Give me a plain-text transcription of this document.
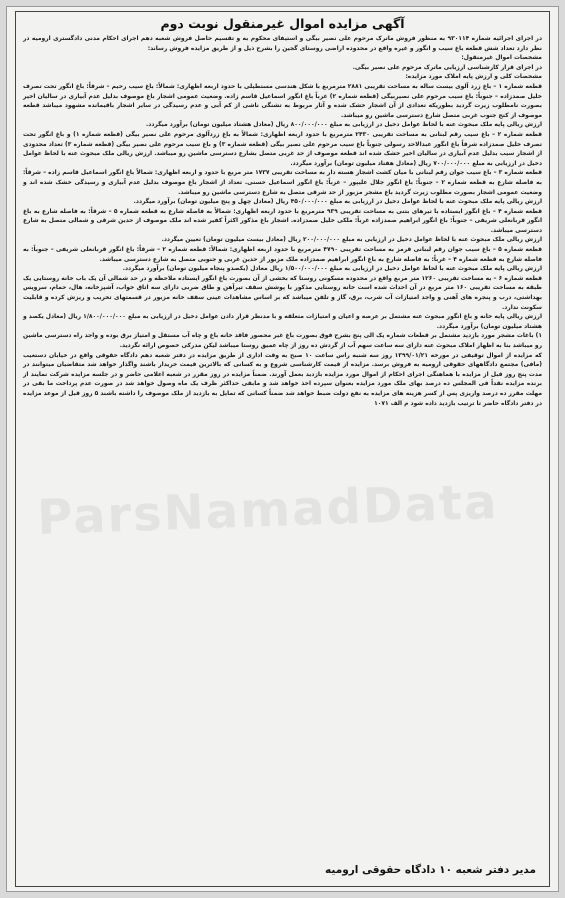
ParsNamadData
آگهی مزایده اموال غیرمنقول نوبت دوم

در اجرای اجرائیه شماره ۹۳۰۱۱۴ به منظور فروش ماترک مرحوم علی نصیر بیگی و استیفای محکوم به و تقسیم حاصل فروش شعبه دهم اجرای احکام مدنی دادگستری ارومیه در نظر دارد تعداد شش قطعه باغ سیب و انگور و غیره واقع در محدوده اراضی روستای گجین را بشرح ذیل و از طریق مزایده فروش رساند:

مشخصات اموال غیرمنقول:

در اجرای قرار کارشناسی ارزیابی ماترک مرحوم علی نصیر بیگی.

مشخصات کلی و ارزش پایه املاک مورد مزایده:

قطعه شماره ۱ – باغ زرد آلوی بیست ساله به مساحت تقریبی ۲۸۸۱ مترمربع با شکل هندسی مستطیلی با حدود اربعه اظهاری: شمالاً: باغ سیب رحیم – شرقاً: باغ انگور تحت تصرف خلیل صمدزاده – جنوباً: باغ سیب مرحوم علی نصیربیگی (قطعه شماره ۲) غرباً باغ انگور اسماعیل قاسم زاده. وضعیت عمومی اشجار باغ موصوف بدلیل عدم آبیاری در سالیان اخیر بصورت نامطلوب زیرت گردید بطوریکه تعدادی از آن اشجار خشک شده و آثار مربوط به تشنگی ناشی از کم آبی و عدم رسیدگی در سایر اشجار باقیمانده مشهود میباشد قطعه موصوف از کنج جنوب غربی متصل شارع دسترسی ماشین رو میباشد.

ارزش ریالی پایه ملک مبحوث عنه با لحاظ عوامل دخیل در ارزیابی به مبلغ ۸۰۰/۰۰۰/۰۰۰ ریال (معادل هشتاد میلیون تومان) برآورد میگردد.

قطعه شماره ۲ – باغ سیب رقم لبنانی به مساحت تقریبی ۲۴۳۰ مترمربع با حدود اربعه اظهاری: شمالاً به باغ زردآلوی مرحوم علی نصیر بیگی (قطعه شماره ۱) و باغ انگور تحت تصرف خلیل صمدزاده شرقاً باغ انگور عبدالاحد رسولی جنوباً باغ سیب مرحوم علی نصیر بیگی (قطعه شماره ۳) و باغ سیب مرحوم علی نصیر بیگی (قطعه شماره ۳) تعداد محدودی از اشجار سیب بدلیل عدم آبیاری در سالیان اخیر خشک شده اند قطعه موصوف از حد غربی متصل بشارع دسترسی ماشین رو میباشد. ارزش ریالی ملک مبحوث عنه با لحاظ عوامل دخیل در ارزیابی به مبلغ ۷۰۰/۰۰۰/۰۰۰ ریال (معادل هفتاد میلیون تومان) برآورد میگردد.

قطعه شماره ۳ – باغ سیب جوان رقم لبنانی با میان کشت اشجار هسته دار به مساحت تقریبی ۱۷۳۷ متر مربع با حدود و اربعه اظهاری: شمالاً باغ انگور اسماعیل قاسم زاده – شرقاً: به فاصله شارع به قطعه شماره ۲ – جنوباً: باغ انگور جلال علیپور – غرباً: باغ انگور اسماعیل حسنی. تعداد از اشجار باغ موصوف بدلیل عدم آبیاری و رسیدگی خشک شده اند و وضعیت عمومی اشجار بصورت مطلوب زیرت گردید باغ مشجر مزبور از حد شرقی متصل به شارع دسترسی ماشین رو میباشد.

ارزش ریالی پایه ملک مبحوث عنه با لحاظ عوامل دخیل در ارزیابی به مبلغ ۴۵۰/۰۰۰/۰۰۰ ریال (معادل چهل و پنج میلیون تومان) برآورد میگردد.

قطعه شماره ۴ – باغ انگور ایستاده با تیرهای بتنی به مساحت تقریبی ۹۳۹ مترمربع با حدود اربعه اظهاری: شمالاً به فاصله شارع به قطعه شماره ۵ – شرقاً: به فاصله شارع به باغ انگور قربانعلی شریفی – جنوباً: باغ انگور ابراهیم صمدزاده غرباً: ملکی خلیل صمدزاده. اشجار باغ مذکور اکثراً کفیر شده اند ملک موصوف از حدین شرقی و شمالی متصل به شارع دسترسی میباشد.

ارزش ریالی ملک مبحوث عنه با لحاظ عوامل دخیل در ارزیابی به مبلغ ۲۰۰/۰۰۰/۰۰۰ ریال (معادل بیست میلیون تومان) تعیین میگردد.

قطعه شماره ۵ – باغ سیب جوان رقم لبنانی قرمز به مساحت تقریبی ۴۷۹۰ مترمربع با حدود اربعه اظهاری: شمالاً: قطعه شماره ۲ – شرقاً: باغ انگور قربانعلی شریفی – جنوباً: به فاصله شارع به قطعه شماره ۴ – غرباً: به فاصله شارع به باغ انگور ابراهیم صمدزاده ملک مزبور از حدین غربی و جنوبی متصل به شارع دسترسی میباشد.

ارزش ریالی پایه ملک مبحوث عنه با لحاظ عوامل دخیل در ارزیابی به مبلغ ۱/۵۰۰/۰۰۰/۰۰۰ ریال معادل (یکصدو پنجاه میلیون تومان) برآورد میگردد.

قطعه شماره ۶ – به مساحت تقریبی ۱۲۶۰ متر مربع واقع در محدوده مسکونی روستا که بخشی از آن بصورت باغ انگور ایستاده ملاحظه و در حد شمالی آن یک باب خانه روستایی یک طبقه به مساحت تقریبی ۱۶۰ متر مربع در آن احداث شده است خانه روستایی مذکور با پوشش سقف تیرآهن و طاق ضربی دارای سه اتاق خواب، آشپزخانه، هال، حمام، سرویس بهداشتی، درب و پنجره های آهنی و واجد امتیازات آب شرب، برق، گاز و تلفن میباشد که بر اساس مشاهدات عینی سقف خانه مزبور در قسمتهای تخریب و ریزش کرده و قابلیت سکونت ندارد.

ارزش ریالی پایه خانه و باغ انگور مبحوث عنه مشتمل بر عرصه و اعیان و امتیازات متعلقه و با مدنظر قرار دادن عوامل دخیل در ارزیابی به مبلغ ۱/۸۰۰/۰۰۰/۰۰۰ ریال (معادل یکصد و هشتاد میلیون تومان) برآورد میگردد.

۱) باغات مشجر مورد بازدید مشتمل بر قطعات شماره یک الی پنج بشرح فوق بصورت باغ غیر محصور فاقد خانه باغ و چاه آب مستقل و امتیاز برق بوده و واجد راه دسترسی ماشین رو میباشد بنا به اظهار املاک مبحوث عنه دارای سه ساعت سهم آب از گردش ده روز از چاه عمیق روستا میباشد لیکن مدرکی خصوص ارائه نگردید.

که مزایده از اموال توقیفی در مورخه ۱۳۹۹/۰۱/۲۱ روز سه شنبه راس ساعت ۱۰ صبح به وقت اداری از طریق مزایده در دفتر شعبه دهم دادگاه حقوقی واقع در خیابان دستغیب (مافی) مجتمع دادگاههای حقوقی ارومیه به فروش برسد. مزایده از قیمت کارشناسی شروع و به کسانی که بالاترین قیمت خریدار باشند واگذار خواهد شد متقاضیان میتوانند در مدت پنج روز قبل از مزایده با هماهنگی اجرای احکام از اموال مورد مزایده بازدید بعمل آورند. ضمناً مزایده در روز مقرر در شعبه اعلامی حاضر و در جلسه مزایده شرکت نمایند از برنده مزایده نقداً فی المجلس ده درصد بهای ملک مورد مزایده بعنوان سپرده اخذ خواهد شد و مابقی حداکثر ظرف یک ماه وصول خواهد شد در صورت عدم پرداخت ما بقی در مهلت مقرر ده درصد واریزی پس از کسر هزینه های مزایده به نفع دولت ضبط خواهد شد ضمناً کسانی که تمایل به بازدید از ملک موصوف را داشته باشند ۵ روز قبل از موعد مزایده در دفتر دادگاه حاضر تا ترتیب بازدید داده شود م الف ۱۰۷۱

مدیر دفتر شعبه ۱۰ دادگاه حقوقی ارومیه
